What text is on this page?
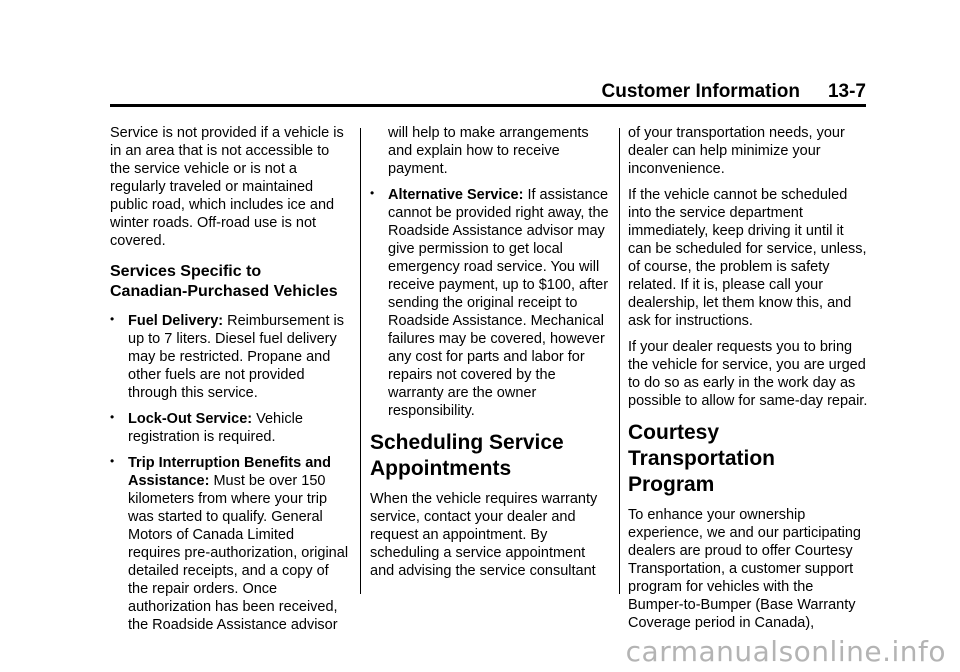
Customer Information 13-7

Service is not provided if a vehicle is in an area that is not accessible to the service vehicle or is not a regularly traveled or maintained public road, which includes ice and winter roads. Off-road use is not covered.

Services Specific to
Canadian-Purchased Vehicles
• Fuel Delivery: Reimbursement is up to 7 liters. Diesel fuel delivery may be restricted. Propane and other fuels are not provided through this service.
• Lock-Out Service: Vehicle registration is required.
• Trip Interruption Benefits and Assistance: Must be over 150 kilometers from where your trip was started to qualify. General Motors of Canada Limited requires pre-authorization, original detailed receipts, and a copy of the repair orders. Once authorization has been received, the Roadside Assistance advisor
will help to make arrangements and explain how to receive payment.
• Alternative Service: If assistance cannot be provided right away, the Roadside Assistance advisor may give permission to get local emergency road service. You will receive payment, up to $100, after sending the original receipt to Roadside Assistance. Mechanical failures may be covered, however any cost for parts and labor for repairs not covered by the warranty are the owner responsibility.
Scheduling Service
Appointments

When the vehicle requires warranty service, contact your dealer and request an appointment. By scheduling a service appointment and advising the service consultant

of your transportation needs, your dealer can help minimize your inconvenience.

If the vehicle cannot be scheduled into the service department immediately, keep driving it until it can be scheduled for service, unless, of course, the problem is safety related. If it is, please call your dealership, let them know this, and ask for instructions.

If your dealer requests you to bring the vehicle for service, you are urged to do so as early in the work day as possible to allow for same-day repair.

Courtesy Transportation
Program

To enhance your ownership experience, we and our participating dealers are proud to offer Courtesy Transportation, a customer support program for vehicles with the Bumper-to-Bumper (Base Warranty Coverage period in Canada),

carmanualsonline.info
